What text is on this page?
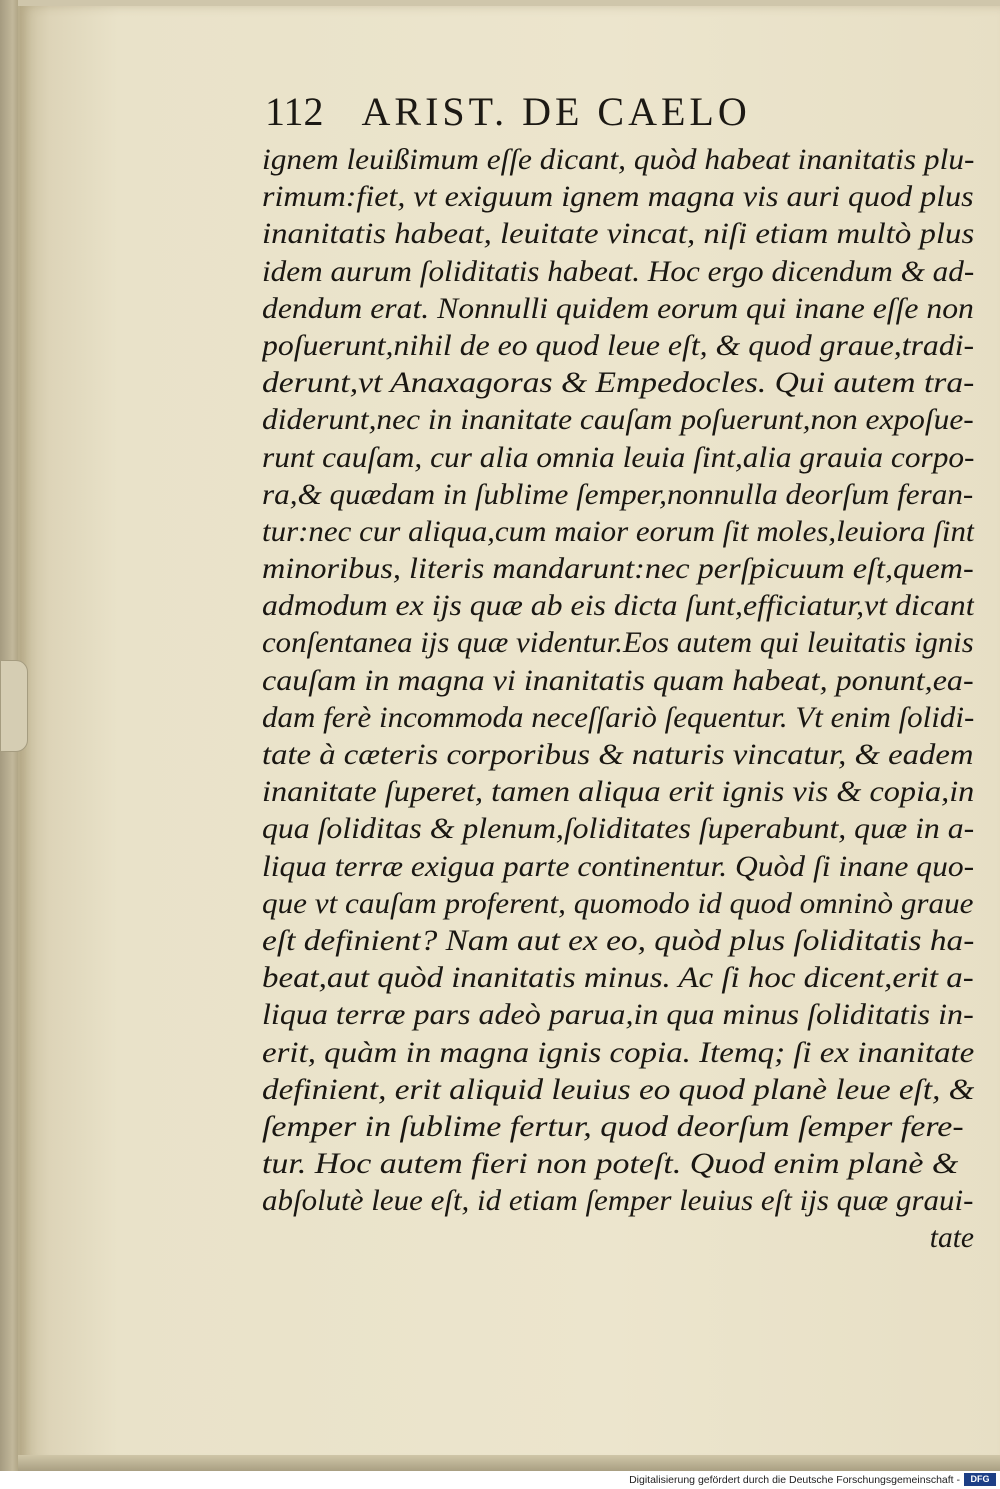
112 ARIST. DE CAELO
ignem leuißimum eſſe dicant, quòd habeat inanitatis plu-
rimum:fiet, vt exiguum ignem magna vis auri quod plus
inanitatis habeat, leuitate vincat, niſi etiam multò plus
idem aurum ſoliditatis habeat. Hoc ergo dicendum & ad-
dendum erat. Nonnulli quidem eorum qui inane eſſe non
poſuerunt,nihil de eo quod leue eſt, & quod graue,tradi-
derunt,vt Anaxagoras & Empedocles. Qui autem tra-
diderunt,nec in inanitate cauſam poſuerunt,non expoſue-
runt cauſam, cur alia omnia leuia ſint,alia grauia corpo-
ra,& quædam in ſublime ſemper,nonnulla deorſum feran-
tur:nec cur aliqua,cum maior eorum ſit moles,leuiora ſint
minoribus, literis mandarunt:nec perſpicuum eſt,quem-
admodum ex ijs quæ ab eis dicta ſunt,efficiatur,vt dicant
conſentanea ijs quæ videntur.Eos autem qui leuitatis ignis
cauſam in magna vi inanitatis quam habeat, ponunt,ea-
dam ferè incommoda neceſſariò ſequentur. Vt enim ſolidi-
tate à cæteris corporibus & naturis vincatur, & eadem
inanitate ſuperet, tamen aliqua erit ignis vis & copia,in
qua ſoliditas & plenum,ſoliditates ſuperabunt, quæ in a-
liqua terræ exigua parte continentur. Quòd ſi inane quo-
que vt cauſam proferent, quomodo id quod omninò graue
eſt definient? Nam aut ex eo, quòd plus ſoliditatis ha-
beat,aut quòd inanitatis minus. Ac ſi hoc dicent,erit a-
liqua terræ pars adeò parua,in qua minus ſoliditatis in-
erit, quàm in magna ignis copia. Itemq; ſi ex inanitate
definient, erit aliquid leuius eo quod planè leue eſt, &
ſemper in ſublime fertur, quod deorſum ſemper fere-
tur. Hoc autem fieri non poteſt. Quod enim planè &
abſolutè leue eſt, id etiam ſemper leuius eſt ijs quæ graui-
tate
Digitalisierung gefördert durch die Deutsche Forschungsgemeinschaft -	DFG
